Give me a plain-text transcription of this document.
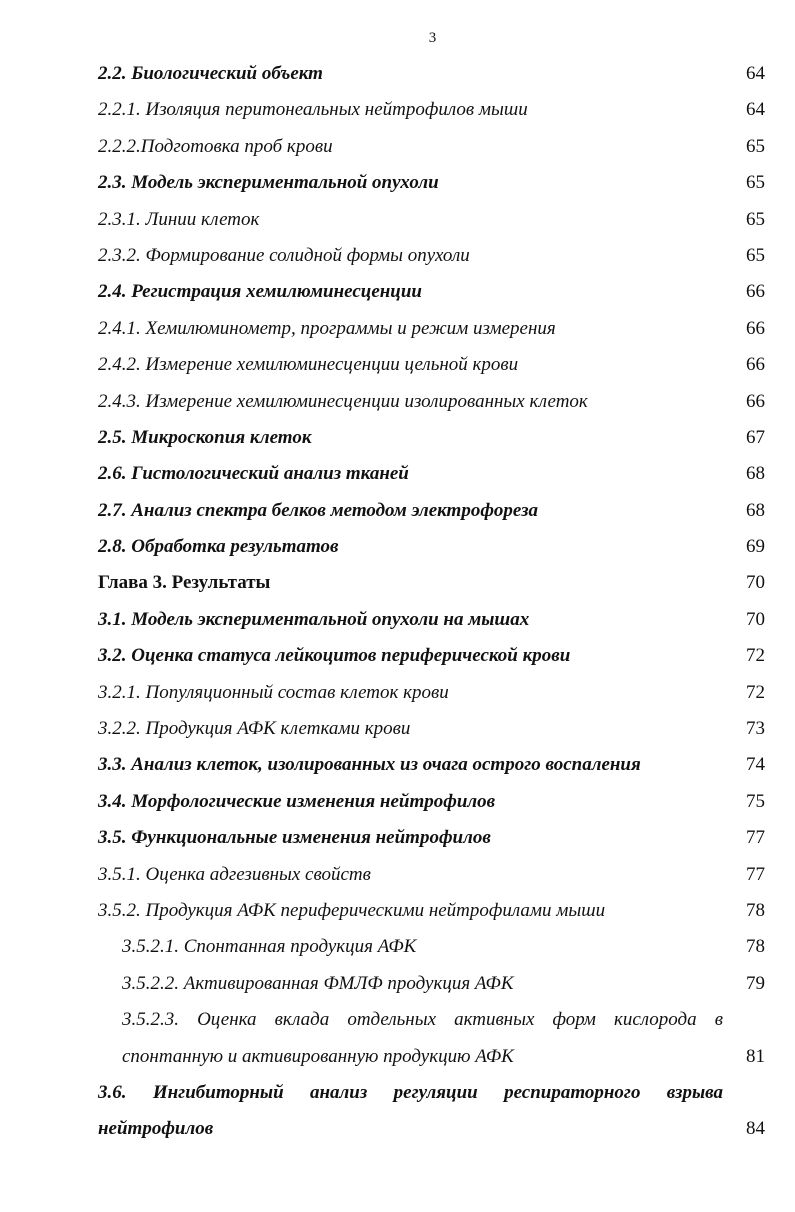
3
2.2. Биологический объект	64
2.2.1. Изоляция перитонеальных нейтрофилов мыши	64
2.2.2.Подготовка проб крови	65
2.3. Модель экспериментальной опухоли	65
2.3.1. Линии клеток	65
2.3.2. Формирование солидной формы опухоли	65
2.4. Регистрация хемилюминесценции	66
2.4.1. Хемилюминометр, программы и режим измерения	66
2.4.2. Измерение хемилюминесценции цельной крови	66
2.4.3. Измерение хемилюминесценции изолированных клеток	66
2.5. Микроскопия клеток	67
2.6. Гистологический анализ тканей	68
2.7. Анализ спектра белков методом электрофореза	68
2.8. Обработка результатов	69
Глава 3. Результаты	70
3.1. Модель экспериментальной опухоли на мышах	70
3.2. Оценка статуса лейкоцитов периферической крови	72
3.2.1. Популяционный состав клеток крови	72
3.2.2. Продукция АФК клетками крови	73
3.3. Анализ клеток, изолированных из очага острого воспаления	74
3.4. Морфологические изменения нейтрофилов	75
3.5. Функциональные изменения нейтрофилов	77
3.5.1. Оценка адгезивных свойств	77
3.5.2. Продукция АФК периферическими нейтрофилами мыши	78
3.5.2.1. Спонтанная продукция АФК	78
3.5.2.2. Активированная ФМЛФ продукция АФК	79
3.5.2.3. Оценка вклада отдельных активных форм кислорода в
спонтанную и активированную продукцию АФК	81
3.6. Ингибиторный анализ регуляции респираторного взрыва
нейтрофилов	84
